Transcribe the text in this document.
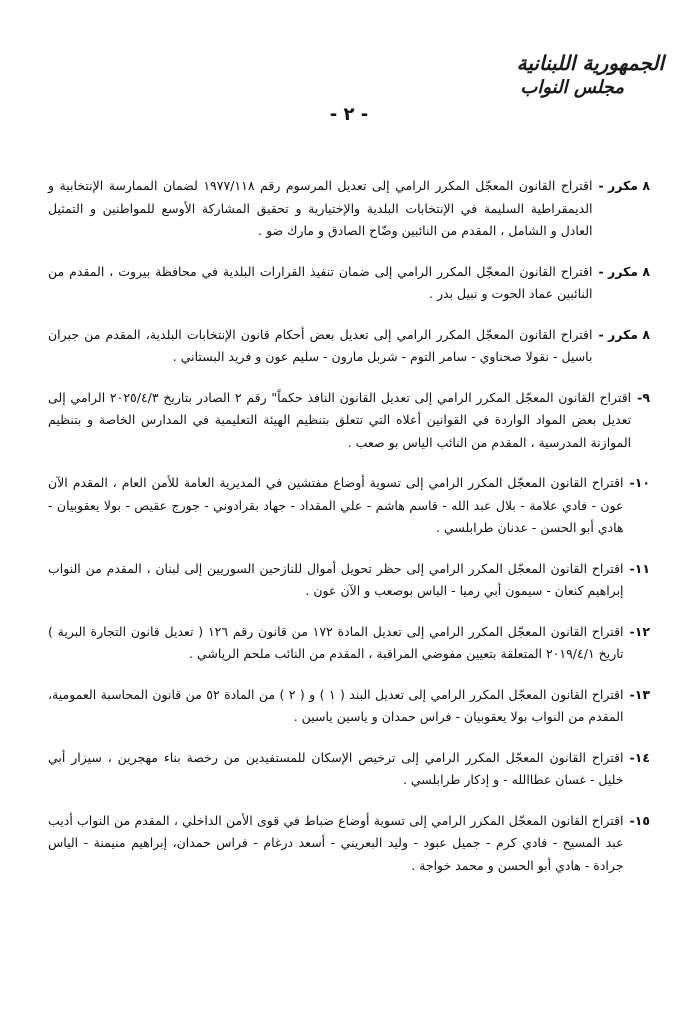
الجمهورية اللبنانية
مجلس النواب
- ٢ -
٨ مكرر -
اقتراح القانون المعجّل المكرر الرامي إلى تعديل المرسوم رقم ١٩٧٧/١١٨ لضمان الممارسة الإنتخابية و الديمقراطية السليمة في الإنتخابات البلدية والإختيارية و تحقيق المشاركة الأوسع للمواطنين و التمثيل العادل و الشامل ، المقدم من النائبين وضّاح الصادق و مارك ضو .
٨ مكرر -
اقتراح القانون المعجّل المكرر الرامي إلى ضمان تنفيذ القرارات البلدية في محافظة بيروت ، المقدم من النائبين عماد الحوت و نبيل بدر .
٨ مكرر -
اقتراح القانون المعجّل المكرر الرامي إلى تعديل بعض أحكام قانون الإنتخابات البلدية، المقدم من جبران باسيل - نقولا صحناوي - سامر التوم - شربل مارون - سليم عون و فريد البستاني .
٩-
اقتراح القانون المعجّل المكرر الرامي إلى تعديل القانون النافذ حكماً" رقم ٢ الصادر بتاريخ ٢٠٢٥/٤/٣ الرامي إلى تعديل بعض المواد الواردة في القوانين أعلاه التي تتعلق بتنظيم الهيئة التعليمية في المدارس الخاصة و بتنظيم الموازنة المدرسية ، المقدم من النائب الياس بو صعب .
١٠-
اقتراح القانون المعجّل المكرر الرامي إلى تسوية أوضاع مفتشين في المديرية العامة للأمن العام ، المقدم الآن عون - فادي علامة - بلال عبد الله - قاسم هاشم - علي المقداد - جهاد بقرادوني - جورج عقيص - بولا يعقوبيان - هادي أبو الحسن - عدنان طرابلسي .
١١-
اقتراح القانون المعجّل المكرر الرامي إلى حظر تحويل أموال للنازحين السوريين إلى لبنان ، المقدم من النواب إبراهيم كنعان - سيمون أبي رميا - الياس بوصعب و الآن عون .
١٢-
اقتراح القانون المعجّل المكرر الرامي إلى تعديل المادة ١٧٢ من قانون رقم ١٢٦ ( تعديل قانون التجارة البرية ) تاريخ ٢٠١٩/٤/١ المتعلقة بتعيين مفوضي المراقبة ، المقدم من النائب ملحم الرياشي .
١٣-
اقتراح القانون المعجّل المكرر الرامي إلى تعديل البند ( ١ ) و ( ٢ ) من المادة ٥٢ من قانون المحاسبة العمومية، المقدم من النواب بولا يعقوبيان - فراس حمدان و ياسين ياسين .
١٤-
اقتراح القانون المعجّل المكرر الرامي إلى ترخيص الإسكان للمستفيدين من رخصة بناء مهجرين ، سيزار أبي خليل - غسان عطاالله - و إدكار طرابلسي .
١٥-
اقتراح القانون المعجّل المكرر الرامي إلى تسوية أوضاع ضباط في قوى الأمن الداخلي ، المقدم من النواب أديب عبد المسيح - فادي كرم - جميل عبود - وليد البعريني - أسعد درغام - فراس حمدان، إبراهيم منيمنة - الياس جرادة - هادي أبو الحسن و محمد خواجة .
